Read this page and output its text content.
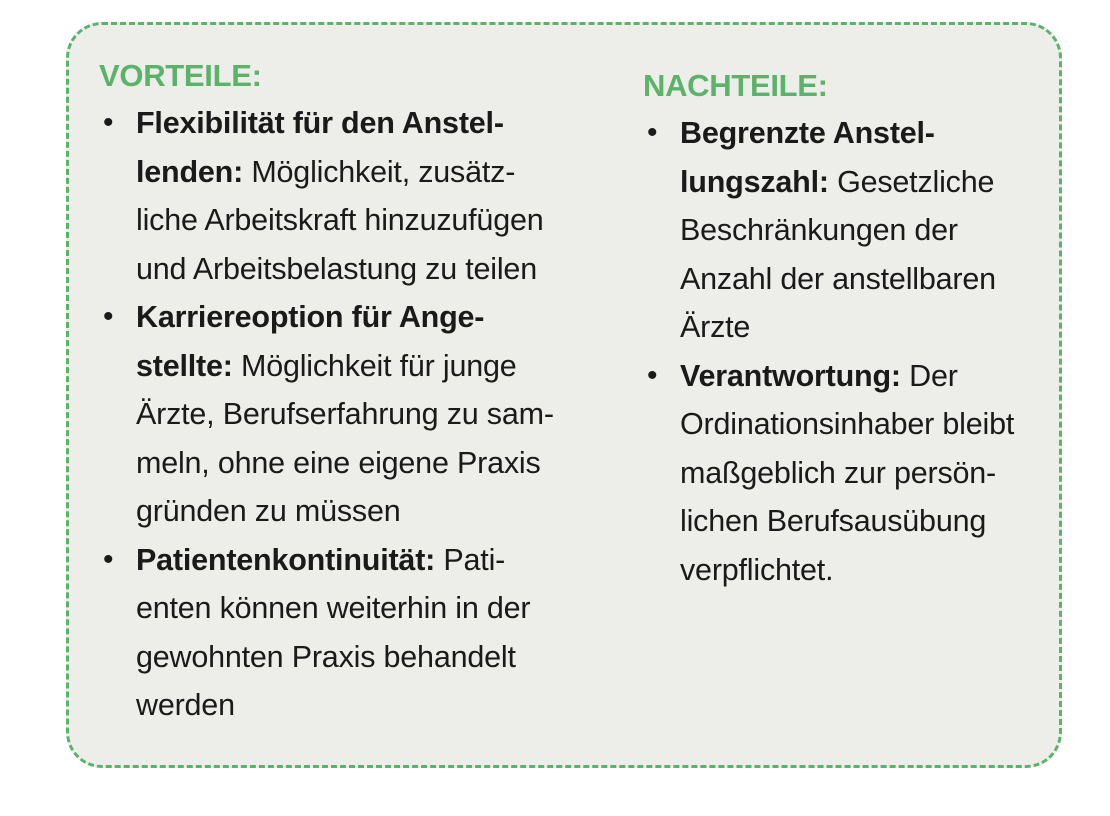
VORTEILE:
• Flexibilität für den Anstel-
lenden: Möglichkeit, zusätz-
liche Arbeitskraft hinzuzufügen
und Arbeitsbelastung zu teilen
• Karriereoption für Ange-
stellte: Möglichkeit für junge
Ärzte, Berufserfahrung zu sam-
meln, ohne eine eigene Praxis
gründen zu müssen
• Patientenkontinuität: Pati-
enten können weiterhin in der
gewohnten Praxis behandelt
werden
NACHTEILE:
• Begrenzte Anstel-
lungszahl: Gesetzliche
Beschränkungen der
Anzahl der anstellbaren
Ärzte
• Verantwortung: Der
Ordinationsinhaber bleibt
maßgeblich zur persön-
lichen Berufsausübung
verpflichtet.
